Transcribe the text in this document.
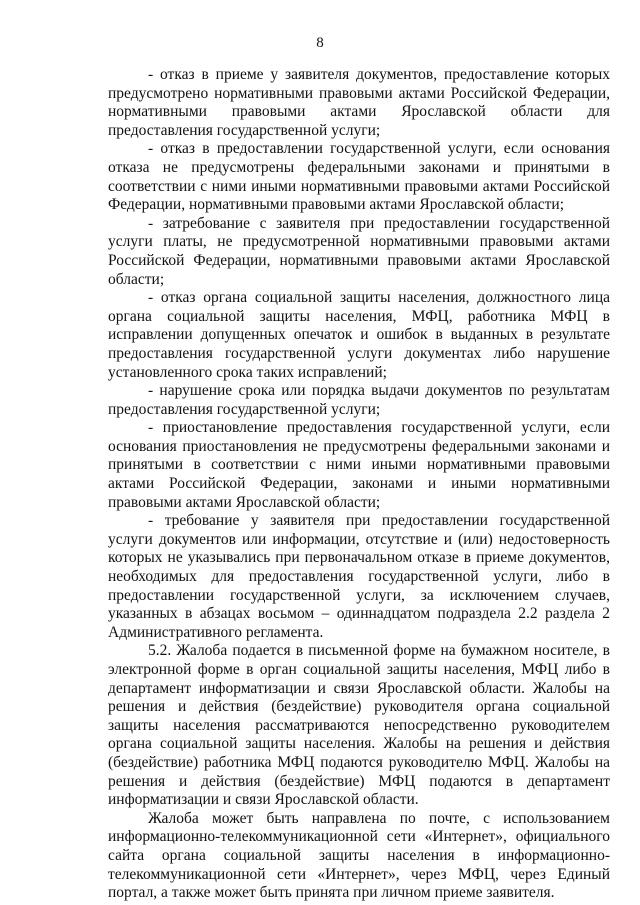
8

- отказ в приеме у заявителя документов, предоставление которых предусмотрено нормативными правовыми актами Российской Федерации, нормативными правовыми актами Ярославской области для предоставления государственной услуги;

- отказ в предоставлении государственной услуги, если основания отказа не предусмотрены федеральными законами и принятыми в соответствии с ними иными нормативными правовыми актами Российской Федерации, нормативными правовыми актами Ярославской области;

- затребование с заявителя при предоставлении государственной услуги платы, не предусмотренной нормативными правовыми актами Российской Федерации, нормативными правовыми актами Ярославской области;

- отказ органа социальной защиты населения, должностного лица органа социальной защиты населения, МФЦ, работника МФЦ в исправлении допущенных опечаток и ошибок в выданных в результате предоставления государственной услуги документах либо нарушение установленного срока таких исправлений;

- нарушение срока или порядка выдачи документов по результатам предоставления государственной услуги;

- приостановление предоставления государственной услуги, если основания приостановления не предусмотрены федеральными законами и принятыми в соответствии с ними иными нормативными правовыми актами Российской Федерации, законами и иными нормативными правовыми актами Ярославской области;

- требование у заявителя при предоставлении государственной услуги документов или информации, отсутствие и (или) недостоверность которых не указывались при первоначальном отказе в приеме документов, необходимых для предоставления государственной услуги, либо в предоставлении государственной услуги, за исключением случаев, указанных в абзацах восьмом – одиннадцатом подраздела 2.2 раздела 2 Административного регламента.

5.2. Жалоба подается в письменной форме на бумажном носителе, в электронной форме в орган социальной защиты населения, МФЦ либо в департамент информатизации и связи Ярославской области. Жалобы на решения и действия (бездействие) руководителя органа социальной защиты населения рассматриваются непосредственно руководителем органа социальной защиты населения. Жалобы на решения и действия (бездействие) работника МФЦ подаются руководителю МФЦ. Жалобы на решения и действия (бездействие) МФЦ подаются в департамент информатизации и связи Ярославской области.

Жалоба может быть направлена по почте, с использованием информационно-телекоммуникационной сети «Интернет», официального сайта органа социальной защиты населения в информационно-телекоммуникационной сети «Интернет», через МФЦ, через Единый портал, а также может быть принята при личном приеме заявителя.
